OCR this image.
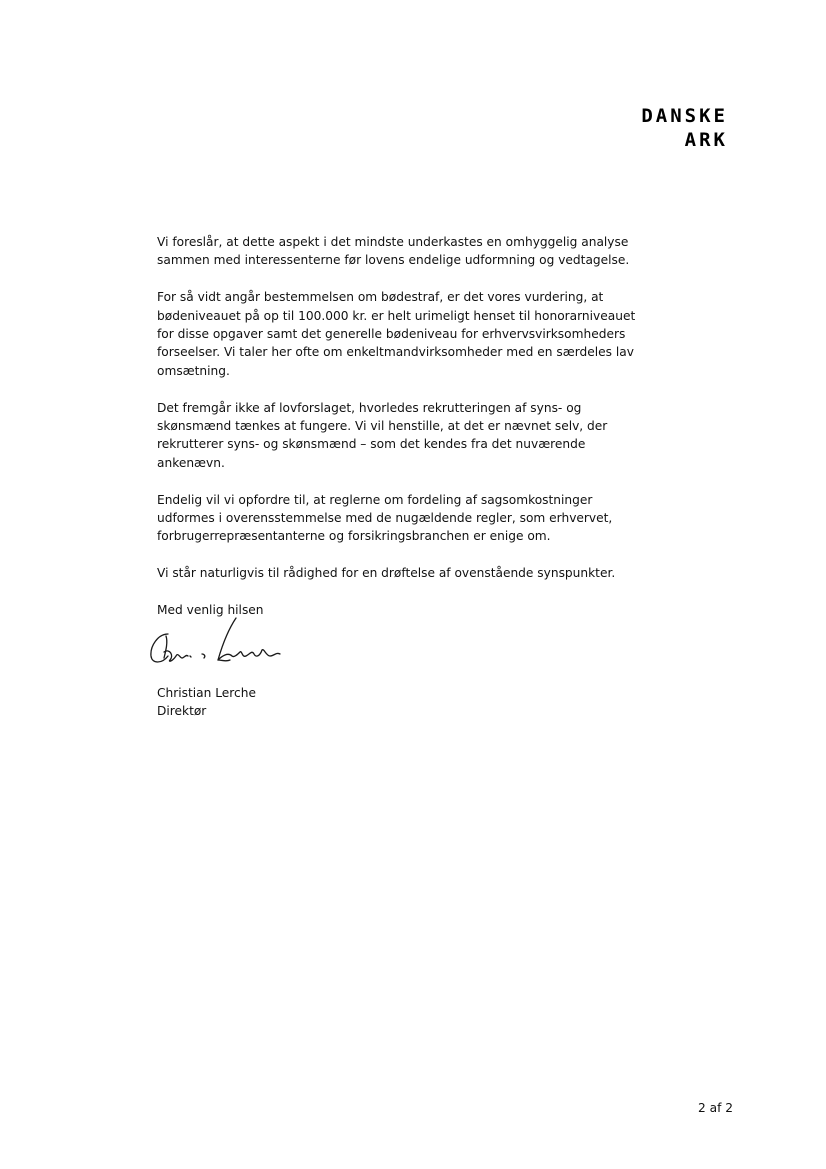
DANSKE
ARK

Vi foreslår, at dette aspekt i det mindste underkastes en omhyggelig analyse
sammen med interessenterne før lovens endelige udformning og vedtagelse.

For så vidt angår bestemmelsen om bødestraf, er det vores vurdering, at
bødeniveauet på op til 100.000 kr. er helt urimeligt henset til honorarniveauet
for disse opgaver samt det generelle bødeniveau for erhvervsvirksomheders
forseelser. Vi taler her ofte om enkeltmandvirksomheder med en særdeles lav
omsætning.

Det fremgår ikke af lovforslaget, hvorledes rekrutteringen af syns- og
skønsmænd tænkes at fungere. Vi vil henstille, at det er nævnet selv, der
rekrutterer syns- og skønsmænd – som det kendes fra det nuværende
ankenævn.

Endelig vil vi opfordre til, at reglerne om fordeling af sagsomkostninger
udformes i overensstemmelse med de nugældende regler, som erhvervet,
forbrugerrepræsentanterne og forsikringsbranchen er enige om.

Vi står naturligvis til rådighed for en drøftelse af ovenstående synspunkter.

Med venlig hilsen
Christian Lerche
Direktør
2 af 2
